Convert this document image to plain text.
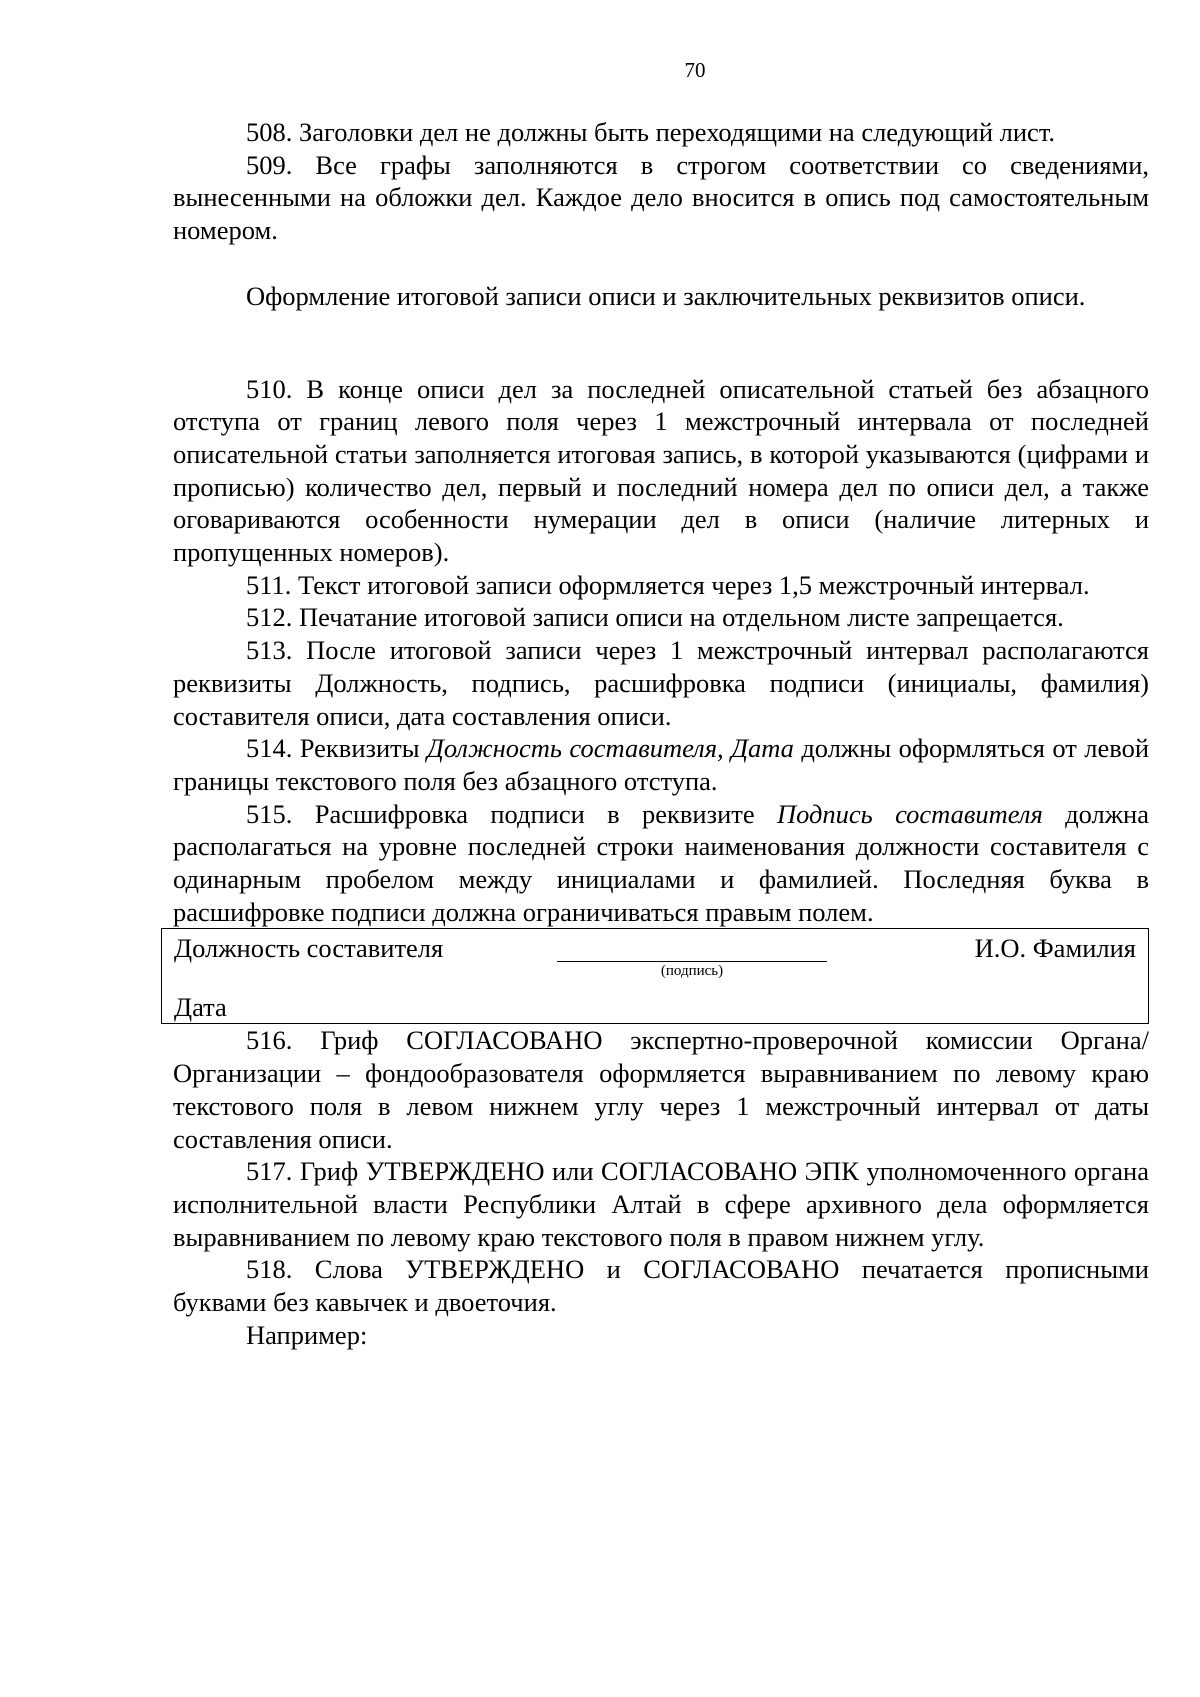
70

508. Заголовки дел не должны быть переходящими на следующий лист.

509. Все графы заполняются в строгом соответствии со сведениями, вынесенными на обложки дел. Каждое дело вносится в опись под самостоятельным номером.

Оформление итоговой записи описи и заключительных реквизитов описи.

510. В конце описи дел за последней описательной статьей без абзацного отступа от границ левого поля через 1 межстрочный интервала от последней описательной статьи заполняется итоговая запись, в которой указываются (цифрами и прописью) количество дел, первый и последний номера дел по описи дел, а также оговариваются особенности нумерации дел в описи (наличие литерных и пропущенных номеров).

511. Текст итоговой записи оформляется через 1,5 межстрочный интервал.

512. Печатание итоговой записи описи на отдельном листе запрещается.

513. После итоговой записи через 1 межстрочный интервал располагаются реквизиты Должность, подпись, расшифровка подписи (инициалы, фамилия) составителя описи, дата составления описи.

514. Реквизиты Должность составителя, Дата должны оформляться от левой границы текстового поля без абзацного отступа.

515. Расшифровка подписи в реквизите Подпись составителя должна располагаться на уровне последней строки наименования должности составителя с одинарным пробелом между инициалами и фамилией. Последняя буква в расшифровке подписи должна ограничиваться правым полем.

Должность составителя
(подпись)
И.О. Фамилия
Дата

516. Гриф СОГЛАСОВАНО экспертно-проверочной комиссии Органа/Организации – фондообразователя оформляется выравниванием по левому краю текстового поля в левом нижнем углу через 1 межстрочный интервал от даты составления описи.

517. Гриф УТВЕРЖДЕНО или СОГЛАСОВАНО ЭПК уполномоченного органа исполнительной власти Республики Алтай в сфере архивного дела оформляется выравниванием по левому краю текстового поля в правом нижнем углу.

518. Слова УТВЕРЖДЕНО и СОГЛАСОВАНО печатается прописными буквами без кавычек и двоеточия.

Например:
